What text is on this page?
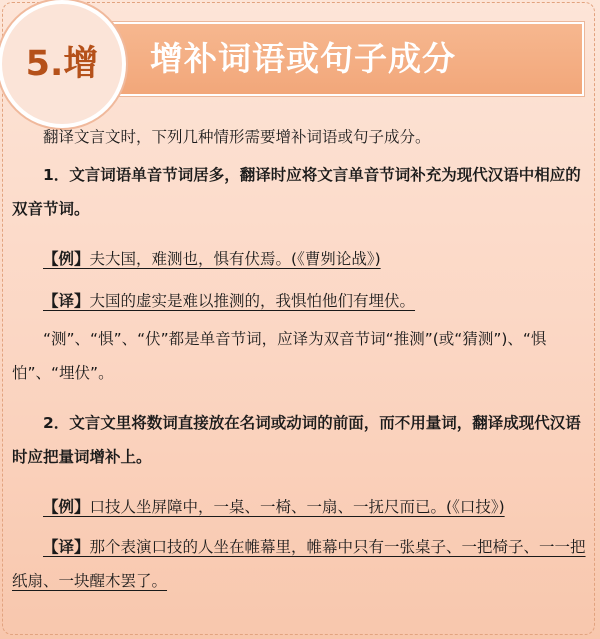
增补词语或句子成分
5.增

翻译文言文时，下列几种情形需要增补词语或句子成分。

1．文言词语单音节词居多，翻译时应将文言单音节词补充为现代汉语中相应的双音节词。

【例】夫大国，难测也，惧有伏焉。(《曹刿论战》)

【译】大国的虚实是难以推测的，我惧怕他们有埋伏。

“测”、“惧”、“伏”都是单音节词，应译为双音节词“推测”(或“猜测”)、“惧怕”、“埋伏”。

2．文言文里将数词直接放在名词或动词的前面，而不用量词，翻译成现代汉语时应把量词增补上。

【例】口技人坐屏障中，一桌、一椅、一扇、一抚尺而已。(《口技》)

【译】那个表演口技的人坐在帷幕里，帷幕中只有一张桌子、一把椅子、一一把纸扇、一块醒木罢了。
